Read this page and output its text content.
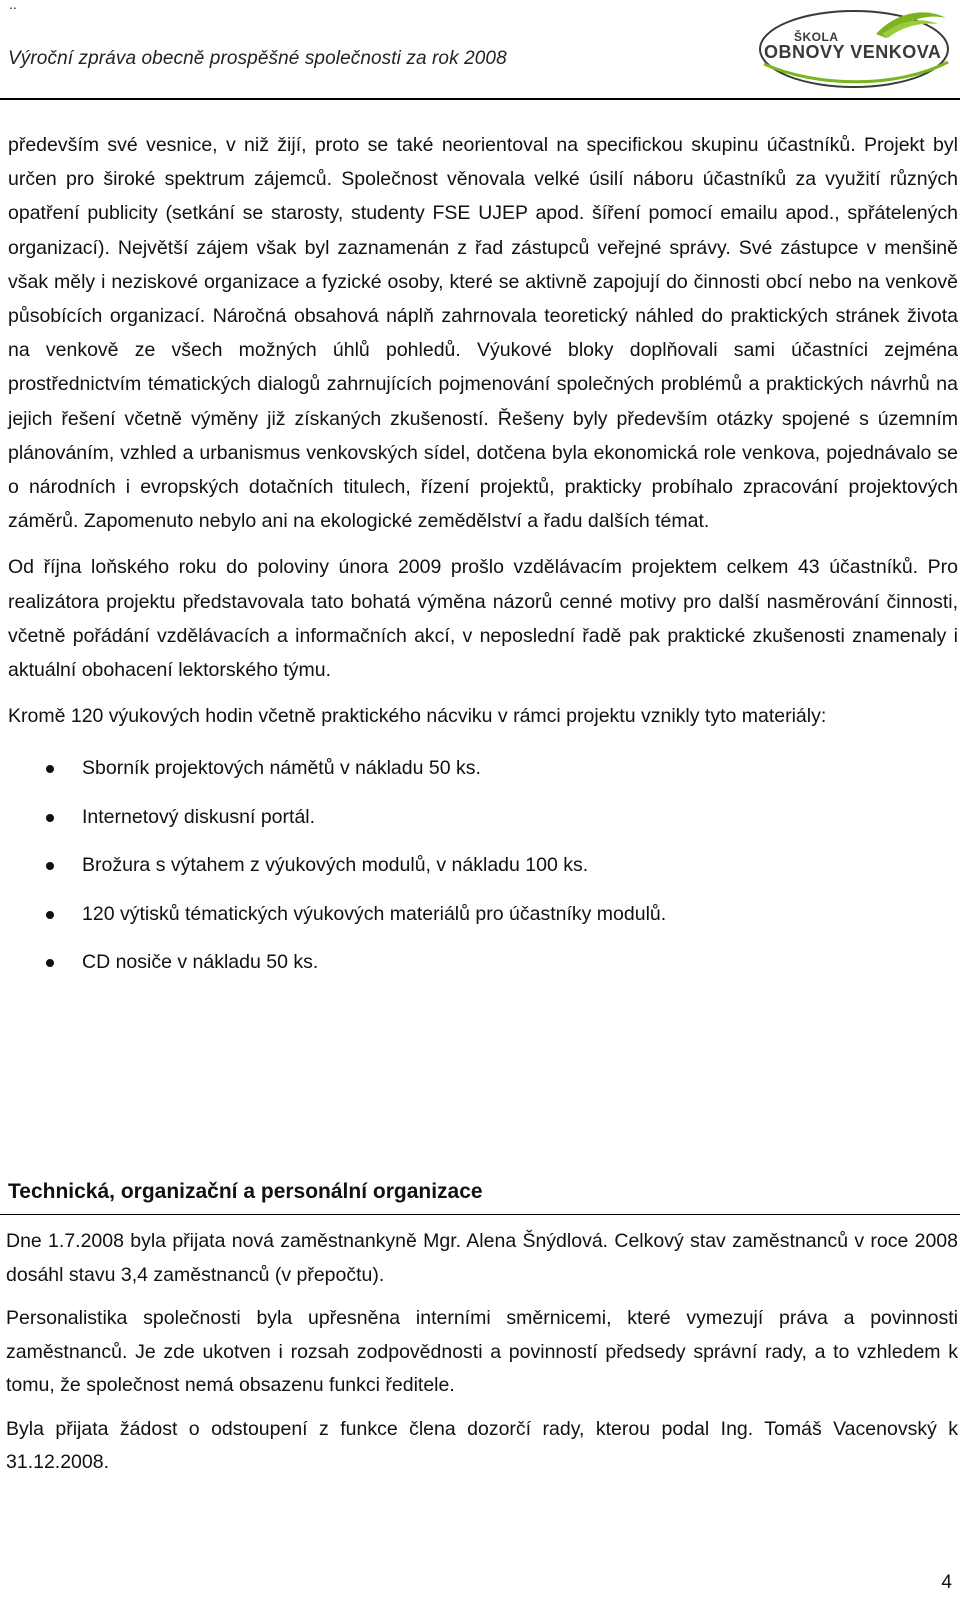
..
Výroční zpráva obecně prospěšné společnosti za rok 2008
ŠKOLA
OBNOVY VENKOVA

především své vesnice, v niž žijí, proto se také neorientoval na specifickou skupinu účastníků. Projekt byl určen pro široké spektrum zájemců. Společnost věnovala velké úsilí náboru účastníků za využití různých opatření publicity (setkání se starosty, studenty FSE UJEP apod. šíření pomocí emailu apod., spřátelených organizací). Největší zájem však byl zaznamenán z řad zástupců veřejné správy. Své zástupce v menšině však měly i neziskové organizace a fyzické osoby, které se aktivně zapojují do činnosti obcí nebo na venkově působících organizací. Náročná obsahová náplň zahrnovala teoretický náhled do praktických stránek života na venkově ze všech možných úhlů pohledů. Výukové bloky doplňovali sami účastníci zejména prostřednictvím tématických dialogů zahrnujících pojmenování společných problémů a praktických návrhů na jejich řešení včetně výměny již získaných zkušeností. Řešeny byly především otázky spojené s územním plánováním, vzhled a urbanismus venkovských sídel, dotčena byla ekonomická role venkova, pojednávalo se o národních i evropských dotačních titulech, řízení projektů, prakticky probíhalo zpracování projektových záměrů. Zapomenuto nebylo ani na ekologické zemědělství a řadu dalších témat.

Od října loňského roku do poloviny února 2009 prošlo vzdělávacím projektem celkem 43 účastníků. Pro realizátora projektu představovala tato bohatá výměna názorů cenné motivy pro další nasměrování činnosti, včetně pořádání vzdělávacích a informačních akcí, v neposlední řadě pak praktické zkušenosti znamenaly i aktuální obohacení lektorského týmu.

Kromě 120 výukových hodin včetně praktického nácviku v rámci projektu vznikly tyto materiály:

Sborník projektových námětů v nákladu 50 ks.
Internetový diskusní portál.
Brožura s výtahem z výukových modulů, v nákladu 100 ks.
120 výtisků tématických výukových materiálů pro účastníky modulů.
CD nosiče v nákladu 50 ks.
Technická, organizační a personální organizace

Dne 1.7.2008 byla přijata nová zaměstnankyně Mgr. Alena Šnýdlová. Celkový stav zaměstnanců v roce 2008 dosáhl stavu 3,4 zaměstnanců (v přepočtu).

Personalistika společnosti byla upřesněna interními směrnicemi, které vymezují práva a povinnosti zaměstnanců. Je zde ukotven i rozsah zodpovědnosti a povinností předsedy správní rady, a to vzhledem k tomu, že společnost nemá obsazenu funkci ředitele.

Byla přijata žádost o odstoupení z funkce člena dozorčí rady, kterou podal Ing. Tomáš Vacenovský k 31.12.2008.

4
